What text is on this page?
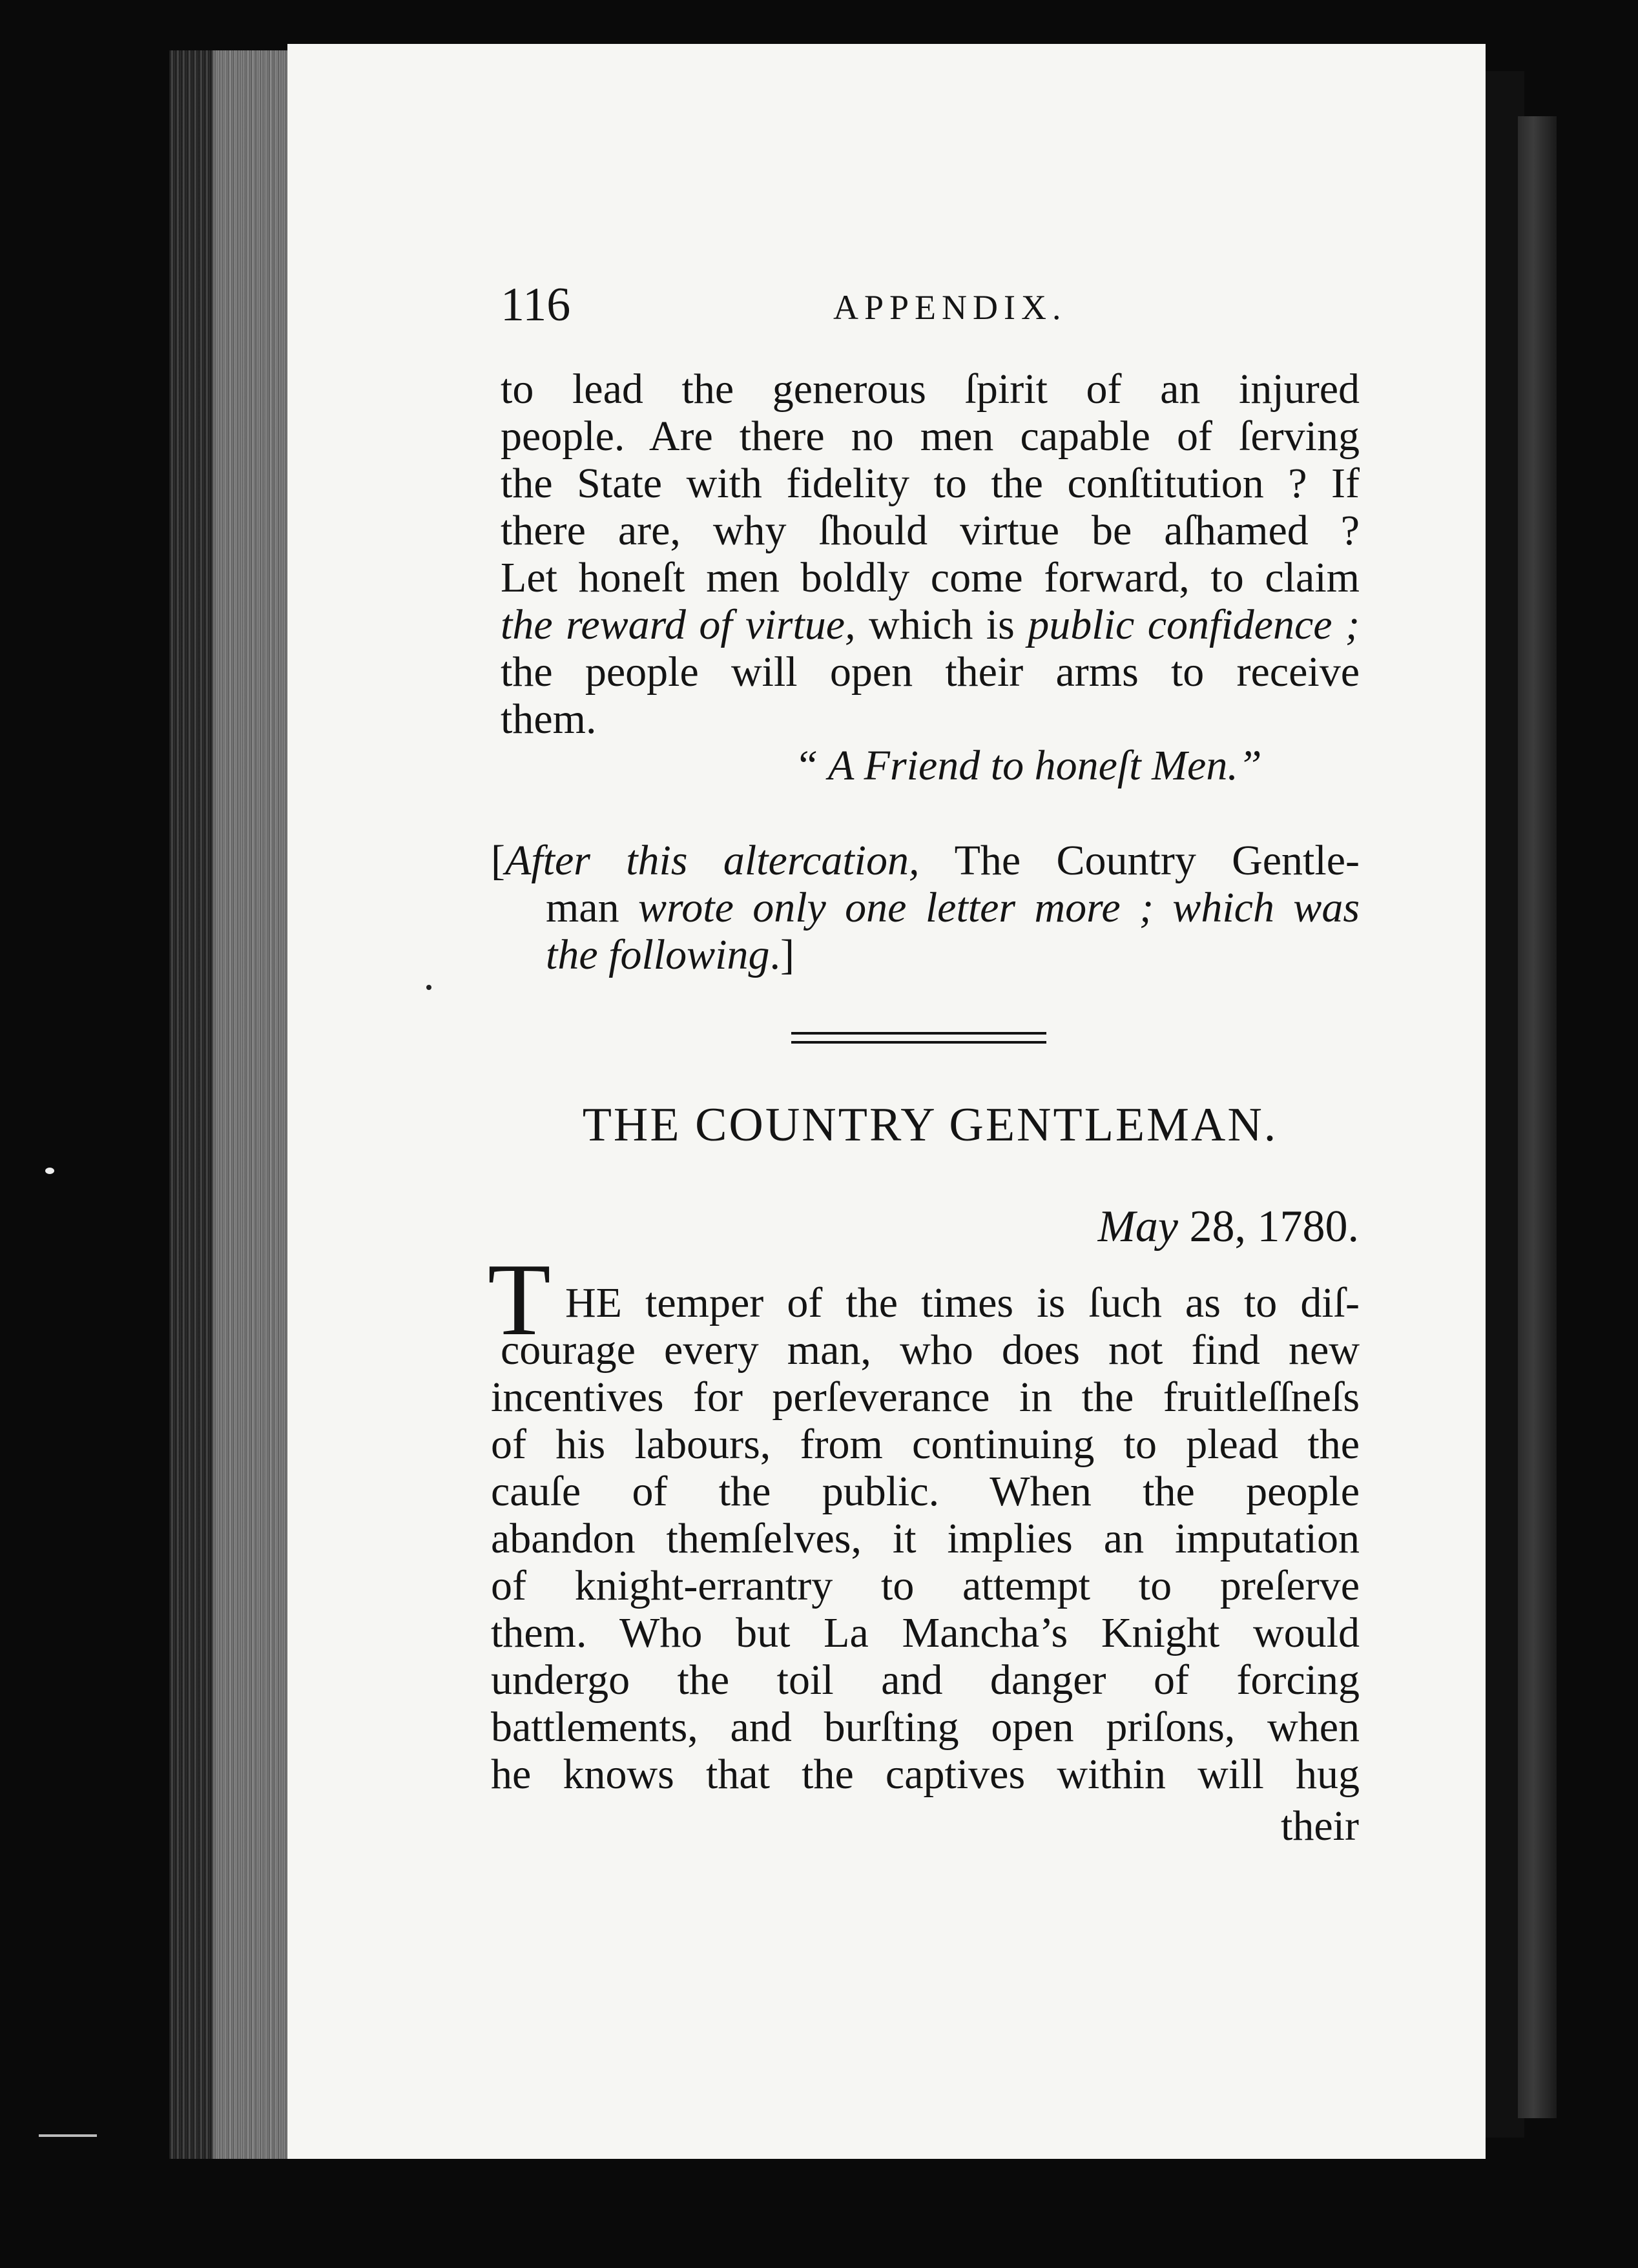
116	APPENDIX.
to lead the generous ſpirit of an injured
people. Are there no men capable of ſerving
the State with fidelity to the conſtitution ? If
there are, why ſhould virtue be aſhamed ?
Let honeſt men boldly come forward, to claim
the reward of virtue, which is public confidence ;
the people will open their arms to receive
them.
“ A Friend to honeſt Men.”
[After this altercation, The Country Gentle-
man wrote only one letter more ; which was
the following.]
THE COUNTRY GENTLEMAN.
May 28, 1780.
T HE temper of the times is ſuch as to diſ-
courage every man, who does not find new
incentives for perſeverance in the fruitleſſneſs
of his labours, from continuing to plead the
cauſe of the public. When the people
abandon themſelves, it implies an imputation
of knight-errantry to attempt to preſerve
them. Who but La Mancha’s Knight would
undergo the toil and danger of forcing
battlements, and burſting open priſons, when
he knows that the captives within will hug
their
